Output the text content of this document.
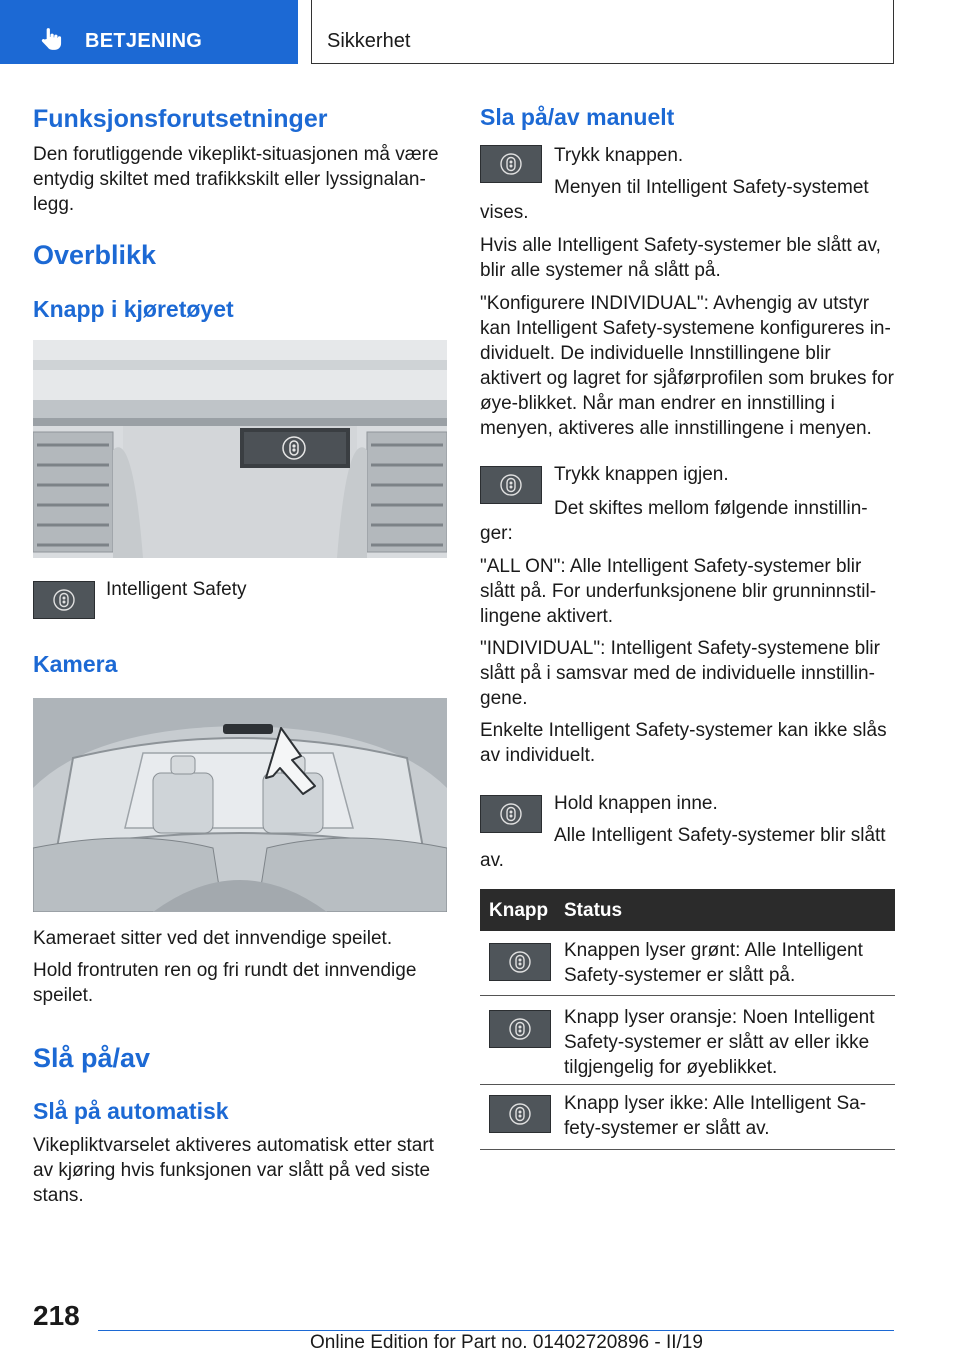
BETJENING	Sikkerhet
Funksjonsforutsetninger

Den forutliggende vikeplikt-situasjonen må være entydig skiltet med trafikkskilt eller lyssignalan-legg.

Overblikk
Knapp i kjøretøyet

Intelligent Safety

Kamera

Kameraet sitter ved det innvendige speilet.

Hold frontruten ren og fri rundt det innvendige speilet.

Slå på/av
Slå på automatisk

Vikepliktvarselet aktiveres automatisk etter start av kjøring hvis funksjonen var slått på ved siste stans.

Sla på/av manuelt

Trykk knappen.

Menyen til Intelligent Safety-systemet vises.

Hvis alle Intelligent Safety-systemer ble slått av, blir alle systemer nå slått på.

"Konfigurere INDIVIDUAL": Avhengig av utstyr kan Intelligent Safety-systemene konfigureres in-dividuelt. De individuelle Innstillingene blir aktivert og lagret for sjåførprofilen som brukes for øye-blikket. Når man endrer en innstilling i menyen, aktiveres alle innstillingene i menyen.

Trykk knappen igjen.

Det skiftes mellom følgende innstillin-ger:

"ALL ON": Alle Intelligent Safety-systemer blir slått på. For underfunksjonene blir grunninnstil-lingene aktivert.

"INDIVIDUAL": Intelligent Safety-systemene blir slått på i samsvar med de individuelle innstillin-gene.

Enkelte Intelligent Safety-systemer kan ikke slås av individuelt.

Hold knappen inne.

Alle Intelligent Safety-systemer blir slått av.

Knapp Status

Knappen lyser grønt: Alle Intelligent Safety-systemer er slått på.

Knapp lyser oransje: Noen Intelligent Safety-systemer er slått av eller ikke tilgjengelig for øyeblikket.

Knapp lyser ikke: Alle Intelligent Sa-fety-systemer er slått av.

218
Online Edition for Part no. 01402720896 - II/19
